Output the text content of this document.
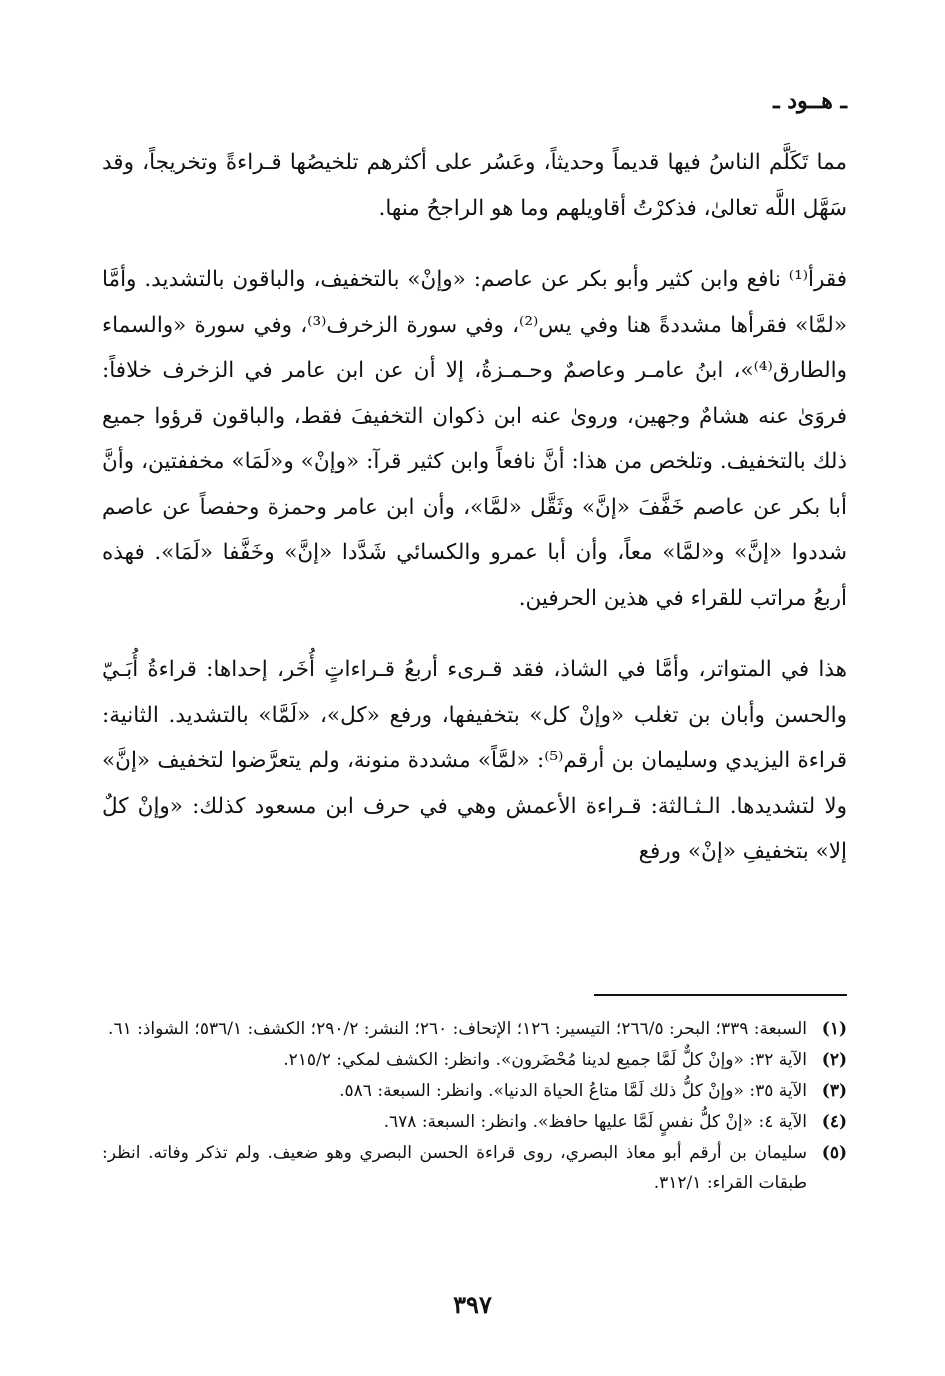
ـ هــود ـ

مما تَكَلَّم الناسُ فيها قديماً وحديثاً، وعَسُر على أكثرهم تلخيصُها قـراءةً وتخريجاً، وقد سَهَّل اللَّه تعالىٰ، فذكرْتُ أقاويلهم وما هو الراجحُ منها.

فقرأ⁽¹⁾ نافع وابن كثير وأبو بكر عن عاصم: «وإنْ» بالتخفيف، والباقون بالتشديد. وأمَّا «لمَّا» فقرأها مشددةً هنا وفي يس⁽²⁾، وفي سورة الزخرف⁽³⁾، وفي سورة «والسماء والطارق⁽⁴⁾»، ابنُ عامـر وعاصمٌ وحـمـزةُ، إلا أن عن ابن عامر في الزخرف خلافاً: فروَىٰ عنه هشامٌ وجهين، وروىٰ عنه ابن ذكوان التخفيفَ فقط، والباقون قرؤوا جميع ذلك بالتخفيف. وتلخص من هذا: أنَّ نافعاً وابن كثير قرآ: «وإنْ» و«لَمَا» مخففتين، وأنَّ أبا بكر عن عاصم خَفَّفَ «إنَّ» وثَقَّل «لمَّا»، وأن ابن عامر وحمزة وحفصاً عن عاصم شددوا «إنَّ» و«لمَّا» معاً، وأن أبا عمرو والكسائي شَدَّدا «إنَّ» وخَفَّفا «لَمَا». فهذه أربعُ مراتب للقراء في هذين الحرفين.

هذا في المتواتر، وأمَّا في الشاذ، فقد قـرىء أربعُ قـراءاتٍ أُخَر، إحداها: قراءةُ أُبَـيّ والحسن وأبان بن تغلب «وإنْ كل» بتخفيفها، ورفع «كل»، «لَمَّا» بالتشديد. الثانية: قراءة اليزيدي وسليمان بن أرقم⁽⁵⁾: «لمَّاً» مشددة منونة، ولم يتعرَّضوا لتخفيف «إنَّ» ولا لتشديدها. الـثـالثة: قـراءة الأعمش وهي في حرف ابن مسعود كذلك: «وإنْ كلٌ إلا» بتخفيفِ «إنْ» ورفع

(١)
السبعة: ٣٣٩؛ البحر: ٢٦٦/٥؛ التيسير: ١٢٦؛ الإتحاف: ٢٦٠؛ النشر: ٢٩٠/٢؛ الكشف: ٥٣٦/١؛ الشواذ: ٦١.
(٢)
الآية ٣٢: «وإنْ كلٌّ لَمَّا جميع لدينا مُحْضَرون». وانظر: الكشف لمكي: ٢١٥/٢.
(٣)
الآية ٣٥: «وإنْ كلُّ ذلك لَمَّا متاعُ الحياة الدنيا». وانظر: السبعة: ٥٨٦.
(٤)
الآية ٤: «إنْ كلُّ نفسٍ لَمَّا عليها حافظ». وانظر: السبعة: ٦٧٨.
(٥)
سليمان بن أرقم أبو معاذ البصري، روى قراءة الحسن البصري وهو ضعيف. ولم تذكر وفاته. انظر: طبقات القراء: ٣١٢/١.
٣٩٧
